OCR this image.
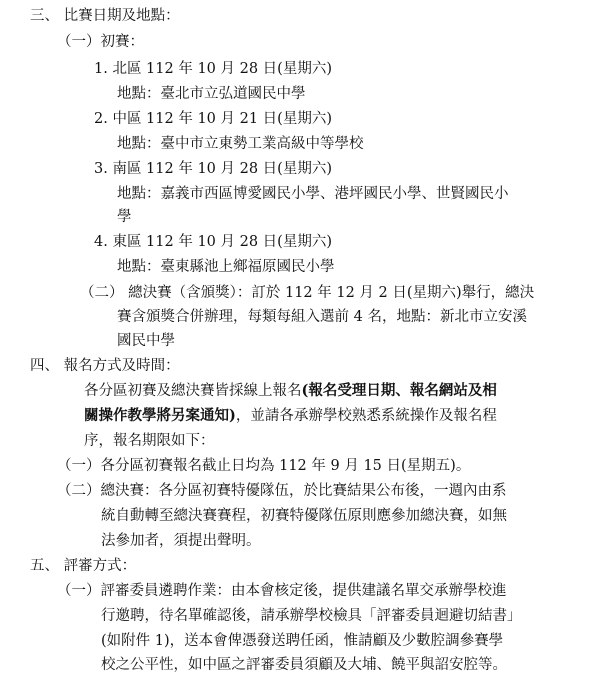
三、 比賽日期及地點：
（一）初賽：
1. 北區 112 年 10 月 28 日(星期六)
地點：臺北市立弘道國民中學
2. 中區 112 年 10 月 21 日(星期六)
地點：臺中市立東勢工業高級中等學校
3. 南區 112 年 10 月 28 日(星期六)
地點：嘉義市西區博愛國民小學、港坪國民小學、世賢國民小
學
4. 東區 112 年 10 月 28 日(星期六)
地點：臺東縣池上鄉福原國民小學
（二） 總決賽（含頒獎）：訂於 112 年 12 月 2 日(星期六)舉行，總決
賽含頒獎合併辦理，每類每組入選前 4 名，地點：新北市立安溪
國民中學
四、 報名方式及時間：
各分區初賽及總決賽皆採線上報名(報名受理日期、報名網站及相
關操作教學將另案通知)，並請各承辦學校熟悉系統操作及報名程
序，報名期限如下：
（一）各分區初賽報名截止日均為 112 年 9 月 15 日(星期五)。
（二）總決賽：各分區初賽特優隊伍，於比賽結果公布後，一週內由系
統自動轉至總決賽賽程，初賽特優隊伍原則應參加總決賽，如無
法參加者，須提出聲明。
五、 評審方式：
（一）評審委員遴聘作業：由本會核定後，提供建議名單交承辦學校進
行邀聘，待名單確認後，請承辦學校檢具「評審委員迴避切結書」
(如附件 1)，送本會俾憑發送聘任函，惟請顧及少數腔調參賽學
校之公平性，如中區之評審委員須顧及大埔、饒平與詔安腔等。
